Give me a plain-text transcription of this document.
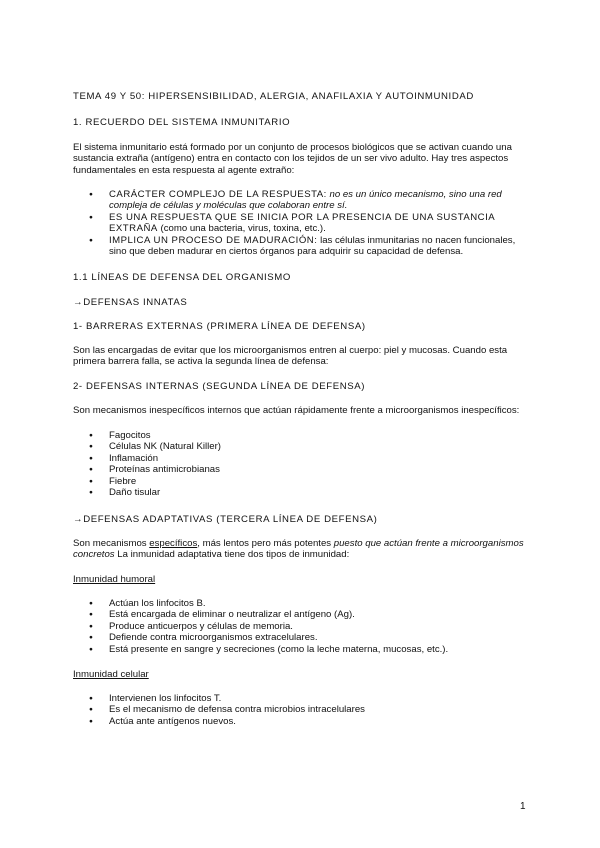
TEMA 49 Y 50: HIPERSENSIBILIDAD, ALERGIA, ANAFILAXIA Y AUTOINMUNIDAD
1. RECUERDO DEL SISTEMA INMUNITARIO

El sistema inmunitario está formado por un conjunto de procesos biológicos que se activan cuando una sustancia extraña (antígeno) entra en contacto con los tejidos de un ser vivo adulto. Hay tres aspectos fundamentales en esta respuesta al agente extraño:

● CARÁCTER COMPLEJO DE LA RESPUESTA: no es un único mecanismo, sino una red compleja de células y moléculas que colaboran entre sí.
● ES UNA RESPUESTA QUE SE INICIA POR LA PRESENCIA DE UNA SUSTANCIA EXTRAÑA (como una bacteria, virus, toxina, etc.).
● IMPLICA UN PROCESO DE MADURACIÓN: las células inmunitarias no nacen funcionales, sino que deben madurar en ciertos órganos para adquirir su capacidad de defensa.
1.1 LÍNEAS DE DEFENSA DEL ORGANISMO
→DEFENSAS INNATAS
1- BARRERAS EXTERNAS (PRIMERA LÍNEA DE DEFENSA)

Son las encargadas de evitar que los microorganismos entren al cuerpo: piel y mucosas. Cuando esta primera barrera falla, se activa la segunda línea de defensa:

2- DEFENSAS INTERNAS (SEGUNDA LÍNEA DE DEFENSA)

Son mecanismos inespecíficos internos que actúan rápidamente frente a microorganismos inespecíficos:

● Fagocitos
● Células NK (Natural Killer)
● Inflamación
● Proteínas antimicrobianas
● Fiebre
● Daño tisular
→DEFENSAS ADAPTATIVAS (TERCERA LÍNEA DE DEFENSA)

Son mecanismos específicos, más lentos pero más potentes puesto que actúan frente a microorganismos concretos La inmunidad adaptativa tiene dos tipos de inmunidad:

Inmunidad humoral
● Actúan los linfocitos B.
● Está encargada de eliminar o neutralizar el antígeno (Ag).
● Produce anticuerpos y células de memoria.
● Defiende contra microorganismos extracelulares.
● Está presente en sangre y secreciones (como la leche materna, mucosas, etc.).
Inmunidad celular
● Intervienen los linfocitos T.
● Es el mecanismo de defensa contra microbios intracelulares
● Actúa ante antígenos nuevos.
1
